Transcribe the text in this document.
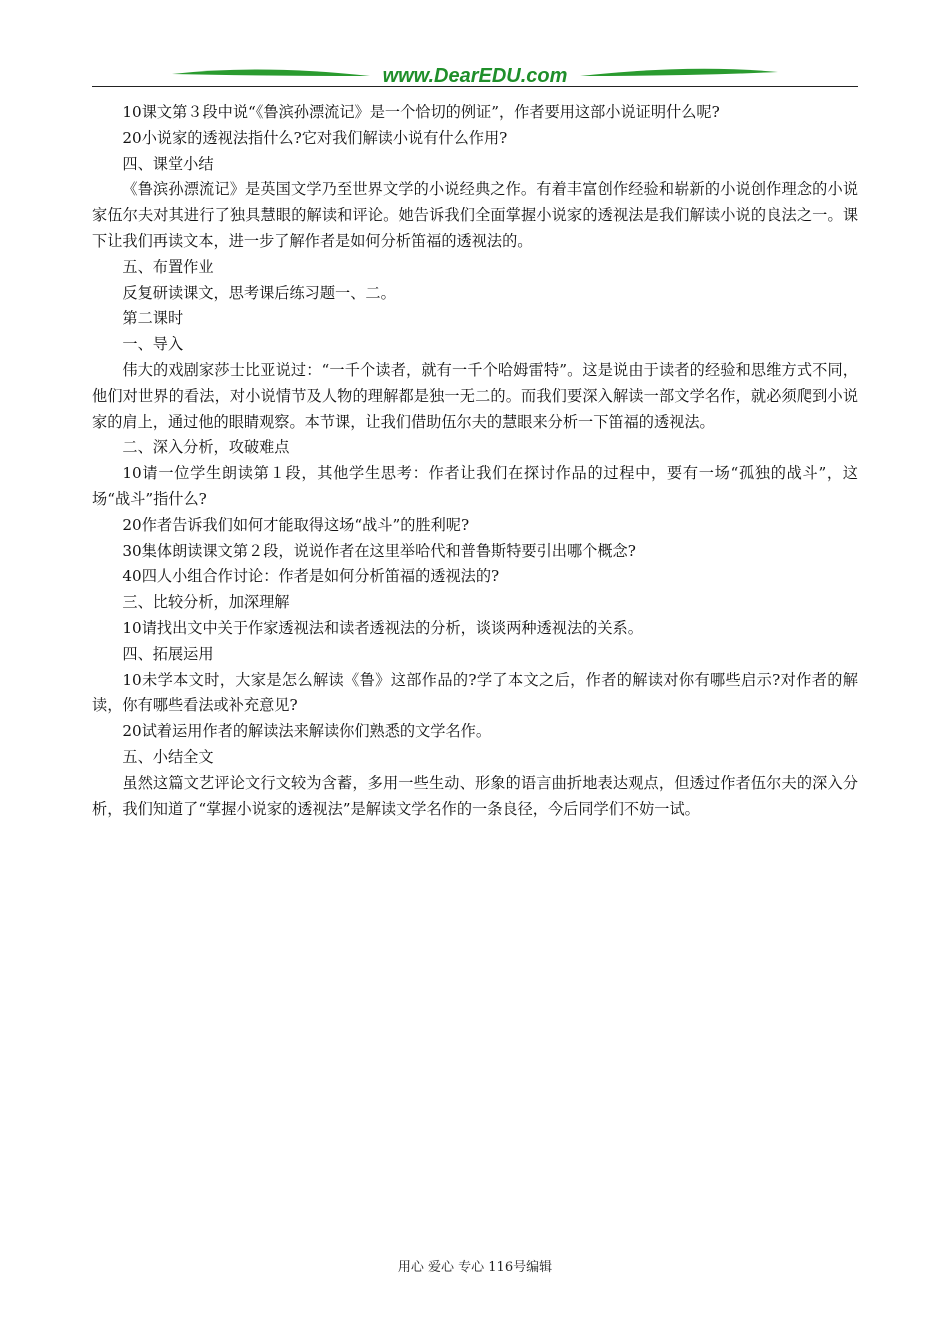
www.DearEDU.com

10课文第３段中说“《鲁滨孙漂流记》是一个恰切的例证”，作者要用这部小说证明什么呢?

20小说家的透视法指什么?它对我们解读小说有什么作用?

四、课堂小结

《鲁滨孙漂流记》是英国文学乃至世界文学的小说经典之作。有着丰富创作经验和崭新的小说创作理念的小说家伍尔夫对其进行了独具慧眼的解读和评论。她告诉我们全面掌握小说家的透视法是我们解读小说的良法之一。课下让我们再读文本，进一步了解作者是如何分析笛福的透视法的。

五、布置作业

反复研读课文，思考课后练习题一、二。

第二课时

一、导入

伟大的戏剧家莎士比亚说过：“一千个读者，就有一千个哈姆雷特”。这是说由于读者的经验和思维方式不同，他们对世界的看法，对小说情节及人物的理解都是独一无二的。而我们要深入解读一部文学名作，就必须爬到小说家的肩上，通过他的眼睛观察。本节课，让我们借助伍尔夫的慧眼来分析一下笛福的透视法。

二、深入分析，攻破难点

10请一位学生朗读第１段，其他学生思考：作者让我们在探讨作品的过程中，要有一场“孤独的战斗”，这场“战斗”指什么?

20作者告诉我们如何才能取得这场“战斗”的胜利呢?

30集体朗读课文第２段，说说作者在这里举哈代和普鲁斯特要引出哪个概念?

40四人小组合作讨论：作者是如何分析笛福的透视法的?

三、比较分析，加深理解

10请找出文中关于作家透视法和读者透视法的分析，谈谈两种透视法的关系。

四、拓展运用

10未学本文时，大家是怎么解读《鲁》这部作品的?学了本文之后，作者的解读对你有哪些启示?对作者的解读，你有哪些看法或补充意见?

20试着运用作者的解读法来解读你们熟悉的文学名作。

五、小结全文

虽然这篇文艺评论文行文较为含蓄，多用一些生动、形象的语言曲折地表达观点，但透过作者伍尔夫的深入分析，我们知道了“掌握小说家的透视法”是解读文学名作的一条良径，今后同学们不妨一试。

用心 爱心 专心 116号编辑
